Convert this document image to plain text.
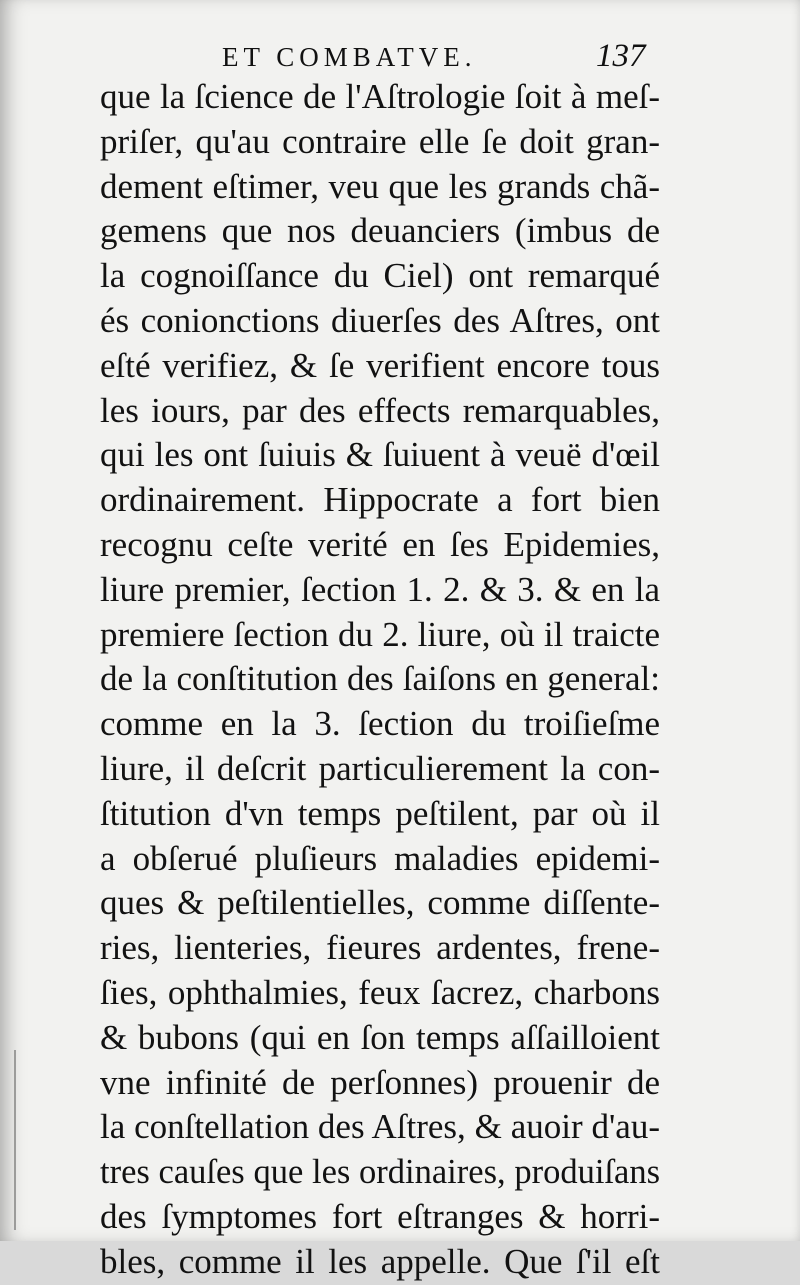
ET COMBATVE.	137
que la ſcience de l'Aſtrologie ſoit à meſ-
priſer, qu'au contraire elle ſe doit gran-
dement eſtimer, veu que les grands chã-
gemens que nos deuanciers (imbus de
la cognoiſſance du Ciel) ont remarqué
és conionctions diuerſes des Aſtres, ont
eſté verifiez, & ſe verifient encore tous
les iours, par des effects remarquables,
qui les ont ſuiuis & ſuiuent à veuë d'œil
ordinairement. Hippocrate a fort bien
recognu ceſte verité en ſes Epidemies,
liure premier, ſection 1. 2. & 3. & en la
premiere ſection du 2. liure, où il traicte
de la conſtitution des ſaiſons en general:
comme en la 3. ſection du troiſieſme
liure, il deſcrit particulierement la con-
ſtitution d'vn temps peſtilent, par où il
a obſerué pluſieurs maladies epidemi-
ques & peſtilentielles, comme diſſente-
ries, lienteries, fieures ardentes, frene-
ſies, ophthalmies, feux ſacrez, charbons
& bubons (qui en ſon temps aſſailloient
vne infinité de perſonnes) prouenir de
la conſtellation des Aſtres, & auoir d'au-
tres cauſes que les ordinaires, produiſans
des ſymptomes fort eſtranges & horri-
bles, comme il les appelle. Que ſ'il eſt
